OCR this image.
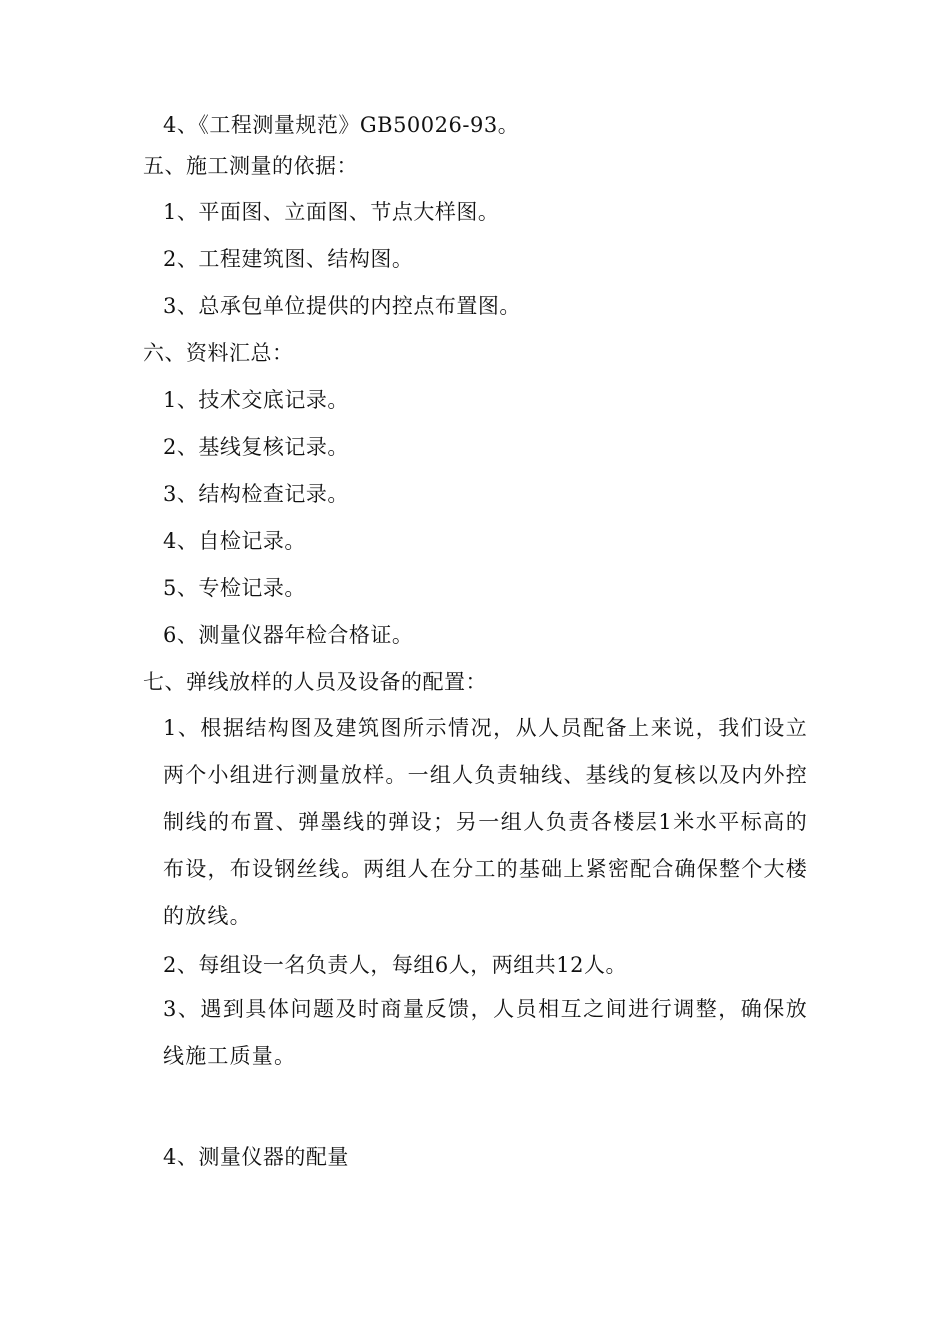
4、《工程测量规范》GB50026-93。
五、施工测量的依据：
1、平面图、立面图、节点大样图。
2、工程建筑图、结构图。
3、总承包单位提供的内控点布置图。
六、资料汇总：
1、技术交底记录。
2、基线复核记录。
3、结构检查记录。
4、自检记录。
5、专检记录。
6、测量仪器年检合格证。
七、弹线放样的人员及设备的配置：
1、根据结构图及建筑图所示情况，从人员配备上来说，我们设立两个小组进行测量放样。一组人负责轴线、基线的复核以及内外控制线的布置、弹墨线的弹设；另一组人负责各楼层1米水平标高的布设，布设钢丝线。两组人在分工的基础上紧密配合确保整个大楼的放线。
2、每组设一名负责人，每组6人，两组共12人。
3、遇到具体问题及时商量反馈，人员相互之间进行调整，确保放线施工质量。
4、测量仪器的配量
